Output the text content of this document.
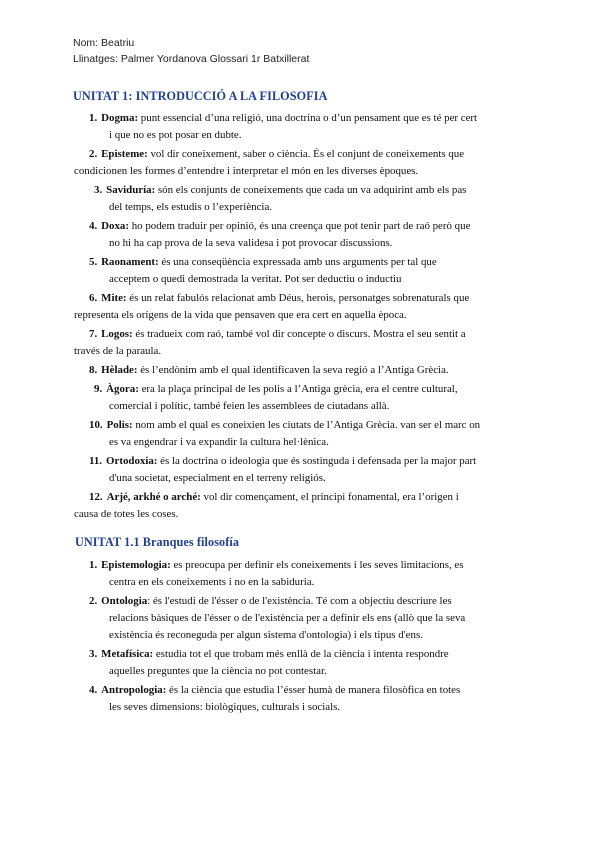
Nom: Beatriu
Llinatges: Palmer Yordanova Glossari 1r Batxillerat
UNITAT 1: INTRODUCCIÓ A LA FILOSOFIA
1. Dogma: punt essencial d’una religió, una doctrina o d’un pensament que es té per cert
i que no es pot posar en dubte.
2. Episteme: vol dir coneixement, saber o ciència. És el conjunt de coneixements que
condicionen les formes d’entendre i interpretar el món en les diverses èpoques.
3. Saviduría: són els conjunts de coneixements que cada un va adquirint amb els pas
del temps, els estudis o l’experiència.
4. Doxa: ho podem traduir per opinió, és una creença que pot tenir part de raó però que
no hi ha cap prova de la seva validesa i pot provocar discussions.
5. Raonament: és una conseqüència expressada amb uns arguments per tal que
acceptem o quedi demostrada la veritat. Pot ser deductiu o inductiu
6. Mite: és un relat fabulós relacionat amb Déus, herois, personatges sobrenaturals que
representa els orígens de la vida que pensaven que era cert en aquella època.
7. Logos: és tradueix com raó, també vol dir concepte o discurs. Mostra el seu sentit a
través de la paraula.
8. Hèlade: és l’endònim amb el qual identificaven la seva regió a l’Antiga Grècia.
9. Àgora: era la plaça principal de les polis a l’Antiga grècia, era el centre cultural,
comercial i polític, també feien les assemblees de ciutadans allà.
10. Polis: nom amb el qual es coneixien les ciutats de l’Antiga Grècia. van ser el marc on
es va engendrar i va expandir la cultura hel·lènica.
11. Ortodoxia: és la doctrina o ideologia que és sostinguda i defensada per la major part
d'una societat, especialment en el terreny religiós.
12. Arjé, arkhé o arché: vol dir començament, el principi fonamental, era l’origen i
causa de totes les coses.
UNITAT 1.1 Branques filosofía
1. Epistemologia: es preocupa per definir els coneixements i les seves limitacions, es
centra en els coneixements i no en la sabiduria.
2. Ontologia: és l'estudi de l'ésser o de l'existència. Té com a objectiu descriure les
relacions bàsiques de l'ésser o de l'existència per a definir els ens (allò que la seva
existència és reconeguda per algun sistema d'ontologia) i els tipus d'ens.
3. Metafísica: estudia tot el que trobam més enllà de la ciència i intenta respondre
aquelles preguntes que la ciència no pot contestar.
4. Antropologia: és la ciència que estudia l’ésser humà de manera filosòfica en totes
les seves dimensions: biològiques, culturals i socials.
